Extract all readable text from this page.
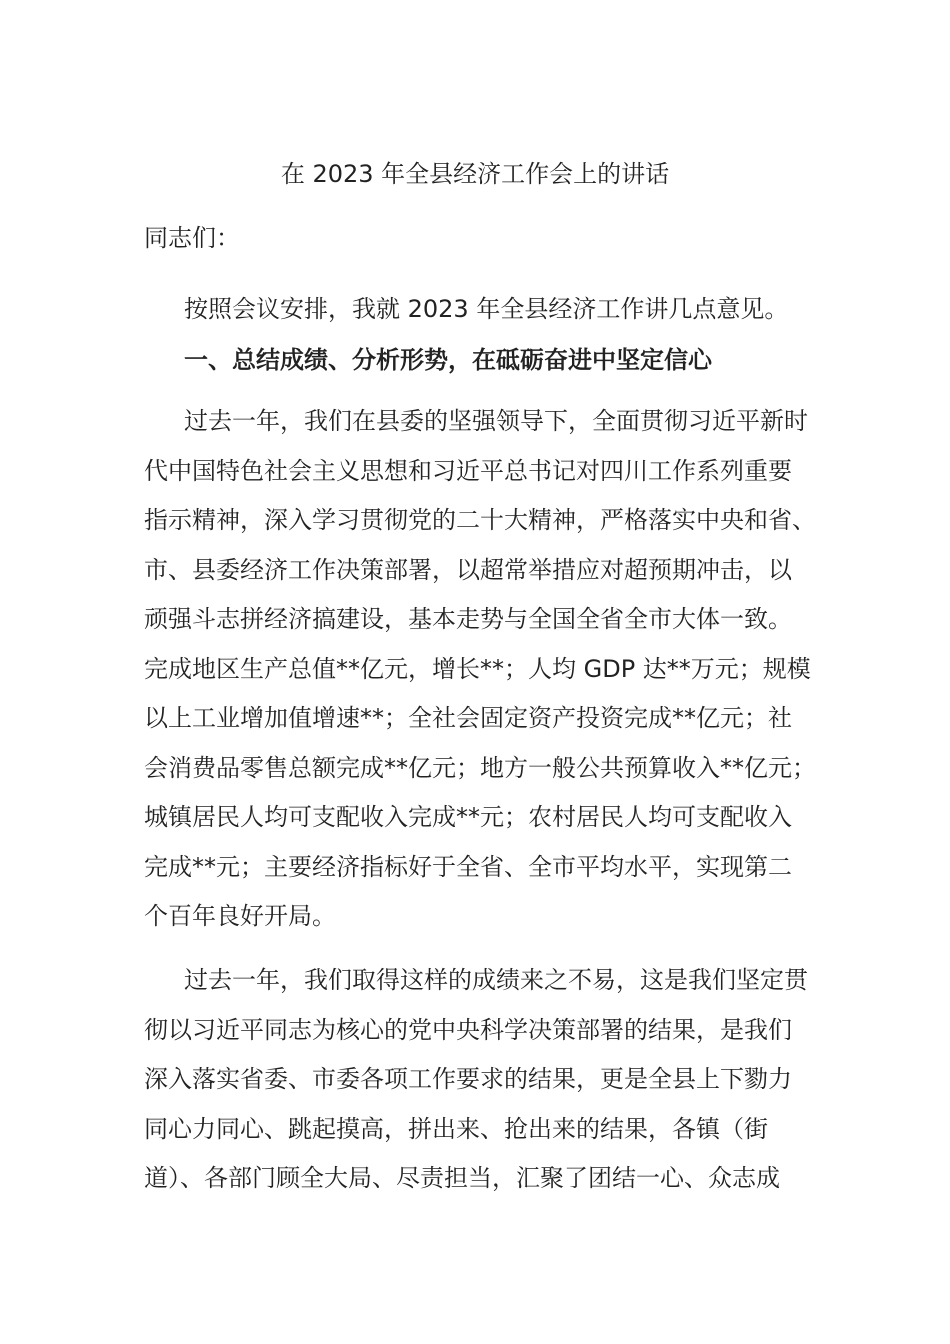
在 2023 年全县经济工作会上的讲话
同志们：
按照会议安排，我就 2023 年全县经济工作讲几点意见。
一、总结成绩、分析形势，在砥砺奋进中坚定信心
过去一年，我们在县委的坚强领导下，全面贯彻习近平新时
代中国特色社会主义思想和习近平总书记对四川工作系列重要
指示精神，深入学习贯彻党的二十大精神，严格落实中央和省、
市、县委经济工作决策部署，以超常举措应对超预期冲击，以
顽强斗志拼经济搞建设，基本走势与全国全省全市大体一致。
完成地区生产总值**亿元，增长**；人均 GDP 达**万元；规模
以上工业增加值增速**；全社会固定资产投资完成**亿元；社
会消费品零售总额完成**亿元；地方一般公共预算收入**亿元；
城镇居民人均可支配收入完成**元；农村居民人均可支配收入
完成**元；主要经济指标好于全省、全市平均水平，实现第二
个百年良好开局。
过去一年，我们取得这样的成绩来之不易，这是我们坚定贯
彻以习近平同志为核心的党中央科学决策部署的结果，是我们
深入落实省委、市委各项工作要求的结果，更是全县上下勠力
同心力同心、跳起摸高，拼出来、抢出来的结果，各镇（街
道）、各部门顾全大局、尽责担当，汇聚了团结一心、众志成
